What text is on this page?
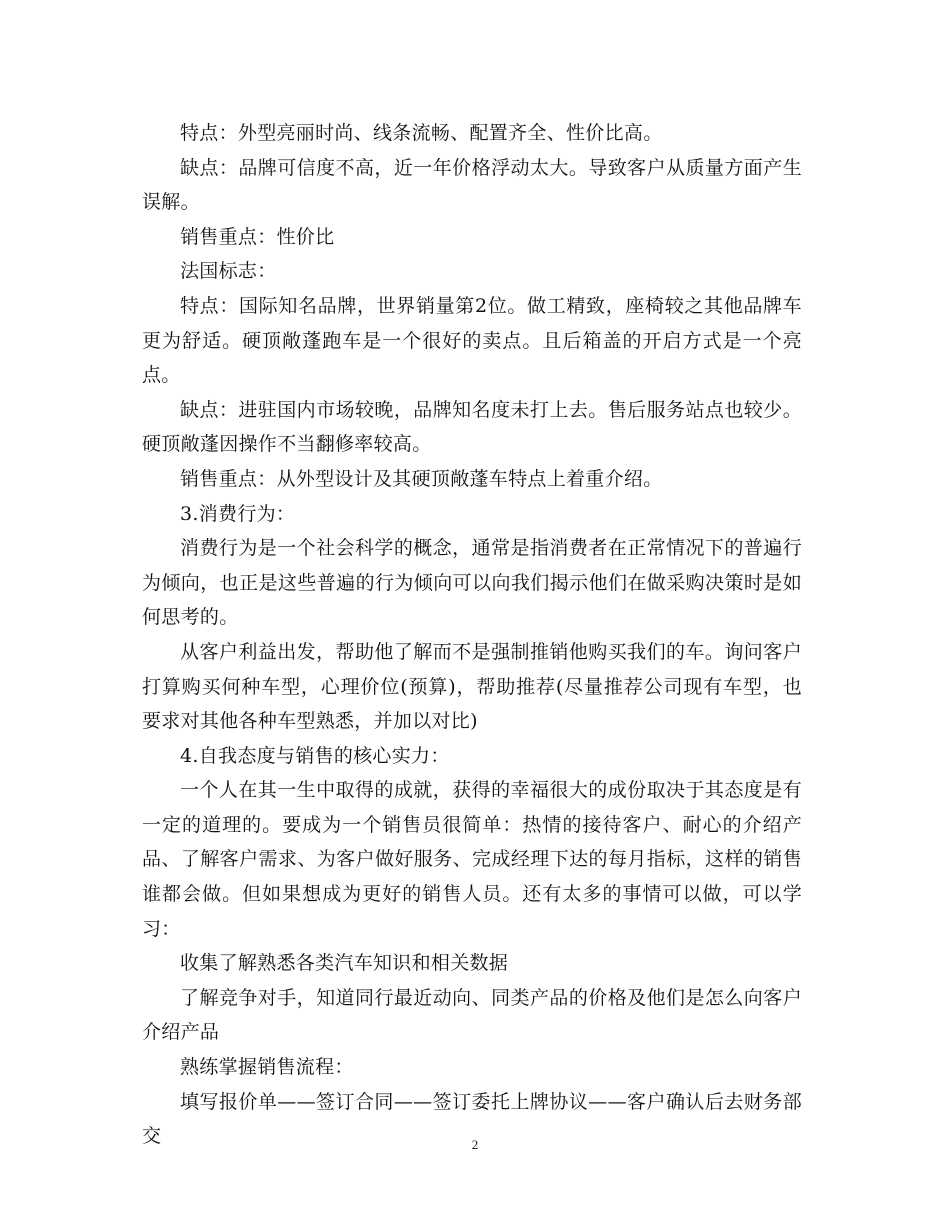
特点：外型亮丽时尚、线条流畅、配置齐全、性价比高。

缺点：品牌可信度不高，近一年价格浮动太大。导致客户从质量方面产生误解。

销售重点：性价比

法国标志：

特点：国际知名品牌，世界销量第2位。做工精致，座椅较之其他品牌车更为舒适。硬顶敞蓬跑车是一个很好的卖点。且后箱盖的开启方式是一个亮点。

缺点：进驻国内市场较晚，品牌知名度未打上去。售后服务站点也较少。硬顶敞蓬因操作不当翻修率较高。

销售重点：从外型设计及其硬顶敞蓬车特点上着重介绍。

3.消费行为：

消费行为是一个社会科学的概念，通常是指消费者在正常情况下的普遍行为倾向，也正是这些普遍的行为倾向可以向我们揭示他们在做采购决策时是如何思考的。

从客户利益出发，帮助他了解而不是强制推销他购买我们的车。询问客户打算购买何种车型，心理价位(预算)，帮助推荐(尽量推荐公司现有车型，也要求对其他各种车型熟悉，并加以对比)

4.自我态度与销售的核心实力：

一个人在其一生中取得的成就，获得的幸福很大的成份取决于其态度是有一定的道理的。要成为一个销售员很简单：热情的接待客户、耐心的介绍产品、了解客户需求、为客户做好服务、完成经理下达的每月指标，这样的销售谁都会做。但如果想成为更好的销售人员。还有太多的事情可以做，可以学习：

收集了解熟悉各类汽车知识和相关数据

了解竞争对手，知道同行最近动向、同类产品的价格及他们是怎么向客户介绍产品

熟练掌握销售流程：

填写报价单——签订合同——签订委托上牌协议——客户确认后去财务部交	2
